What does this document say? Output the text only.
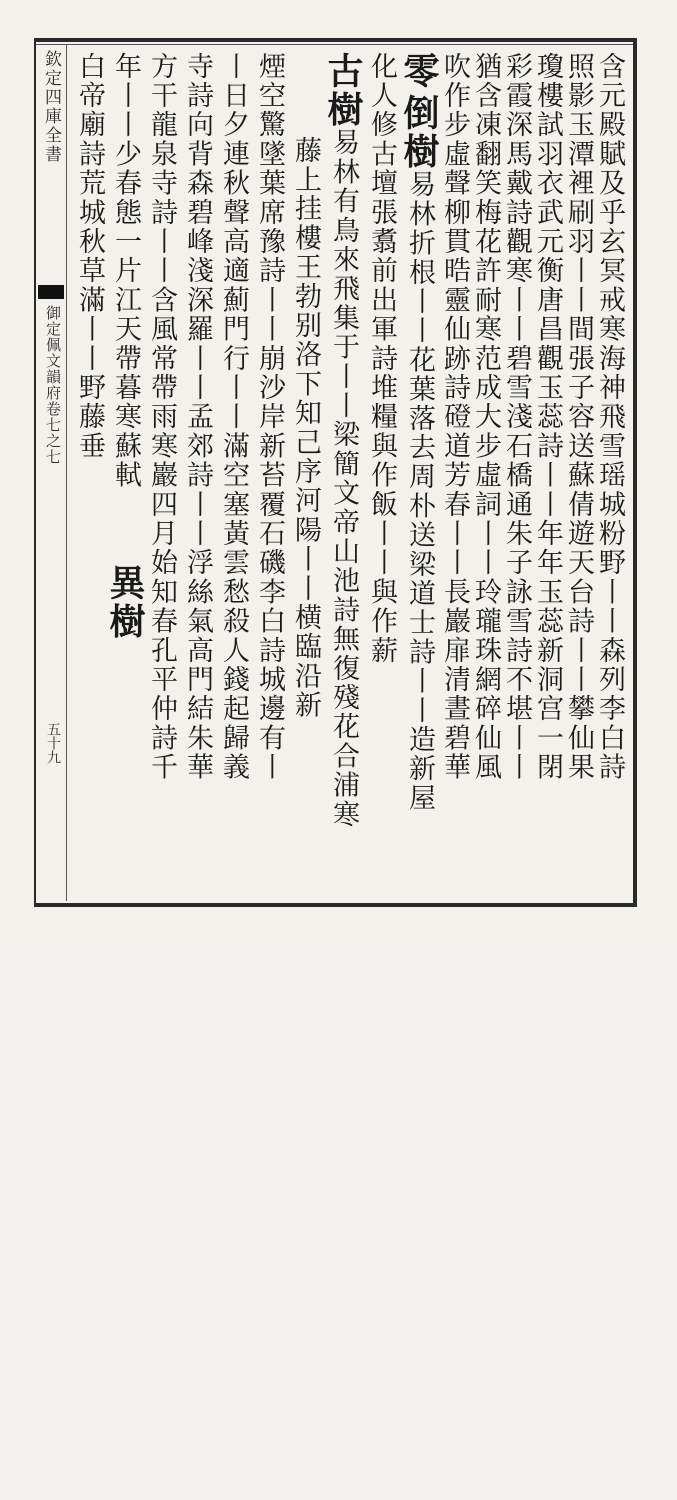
欽定四庫全書
御定佩文韻府卷七之七
五十九	含元殿賦及乎玄冥戒寒海神飛雪瑶城粉野丨丨森列李白詩
照影玉潭裡刷羽丨丨間張子容送蘇倩遊天台詩丨丨攀仙果
瓊樓試羽衣武元衡唐昌觀玉蕊詩丨丨年年玉蕊新洞宫一閉
彩霞深馬戴詩觀寒丨丨碧雪淺石橋通朱子詠雪詩不堪丨丨
猶含凍翻笑梅花許耐寒范成大步虛詞丨丨玲瓏珠網碎仙風
吹作步虛聲柳貫晧靈仙跡詩磴道芳春丨丨長巖扉清晝碧華
零
倒樹易林折根丨丨花葉落去周朴送梁道士詩丨丨造新屋
化人修古壇張翥前出軍詩堆糧與作飯丨丨與作薪
古樹易林有鳥來飛集于丨丨梁簡文帝山池詩無復殘花合浦寒
藤上挂樓王勃别洛下知己序河陽丨丨横臨沿新
煙空驚墜葉席豫詩丨丨崩沙岸新苔覆石磯李白詩城邊有丨
丨日夕連秋聲高適薊門行丨丨滿空塞黃雲愁殺人錢起歸義
寺詩向背森碧峰淺深羅丨丨孟郊詩丨丨浮絲氣高門結朱華
方干龍泉寺詩丨丨含風常帶雨寒巖四月始知春孔平仲詩千
年丨丨少春態一片江天帶暮寒蘇軾
白帝廟詩荒城秋草滿丨丨野藤垂
異樹
